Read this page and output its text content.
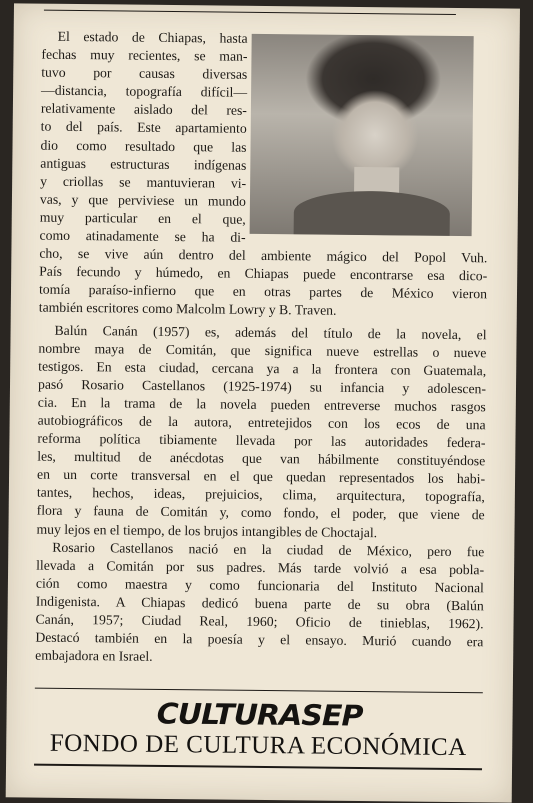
El estado de Chiapas, hasta
fechas muy recientes, se man-
tuvo por causas diversas
—distancia, topografía difícil—
relativamente aislado del res-
to del país. Este apartamiento
dio como resultado que las
antiguas estructuras indígenas
y criollas se mantuvieran vi-
vas, y que perviviese un mundo
muy particular en el que,
como atinadamente se ha di-
cho, se vive aún dentro del ambiente mágico del Popol Vuh.
País fecundo y húmedo, en Chiapas puede encontrarse esa dico-
tomía paraíso-infierno que en otras partes de México vieron
también escritores como Malcolm Lowry y B. Traven.
Balún Canán (1957) es, además del título de la novela, el
nombre maya de Comitán, que significa nueve estrellas o nueve
testigos. En esta ciudad, cercana ya a la frontera con Guatemala,
pasó Rosario Castellanos (1925-1974) su infancia y adolescen-
cia. En la trama de la novela pueden entreverse muchos rasgos
autobiográficos de la autora, entretejidos con los ecos de una
reforma política tibiamente llevada por las autoridades federa-
les, multitud de anécdotas que van hábilmente constituyéndose
en un corte transversal en el que quedan representados los habi-
tantes, hechos, ideas, prejuicios, clima, arquitectura, topografía,
flora y fauna de Comitán y, como fondo, el poder, que viene de
muy lejos en el tiempo, de los brujos intangibles de Choctajal.
Rosario Castellanos nació en la ciudad de México, pero fue
llevada a Comitán por sus padres. Más tarde volvió a esa pobla-
ción como maestra y como funcionaria del Instituto Nacional
Indigenista. A Chiapas dedicó buena parte de su obra (Balún
Canán, 1957; Ciudad Real, 1960; Oficio de tinieblas, 1962).
Destacó también en la poesía y el ensayo. Murió cuando era
embajadora en Israel.
CULTURASEP
FONDO DE CULTURA ECONÓMICA
